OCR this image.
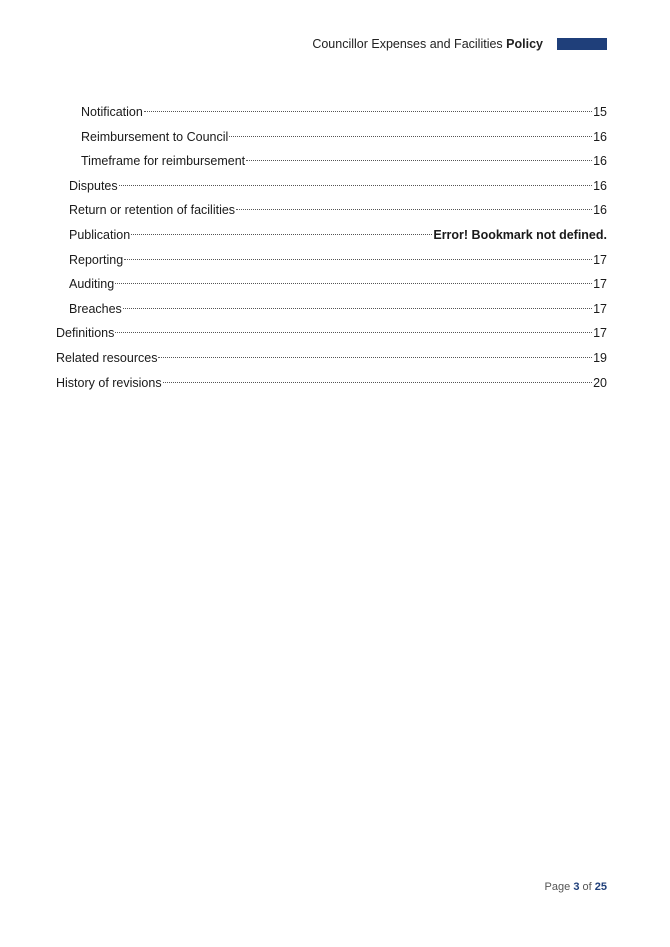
Councillor Expenses and Facilities Policy
Notification	15
Reimbursement to Council	16
Timeframe for reimbursement	16
Disputes	16
Return or retention of facilities	16
Publication	Error! Bookmark not defined.
Reporting	17
Auditing	17
Breaches	17
Definitions	17
Related resources	19
History of revisions	20
Page 3 of 25
